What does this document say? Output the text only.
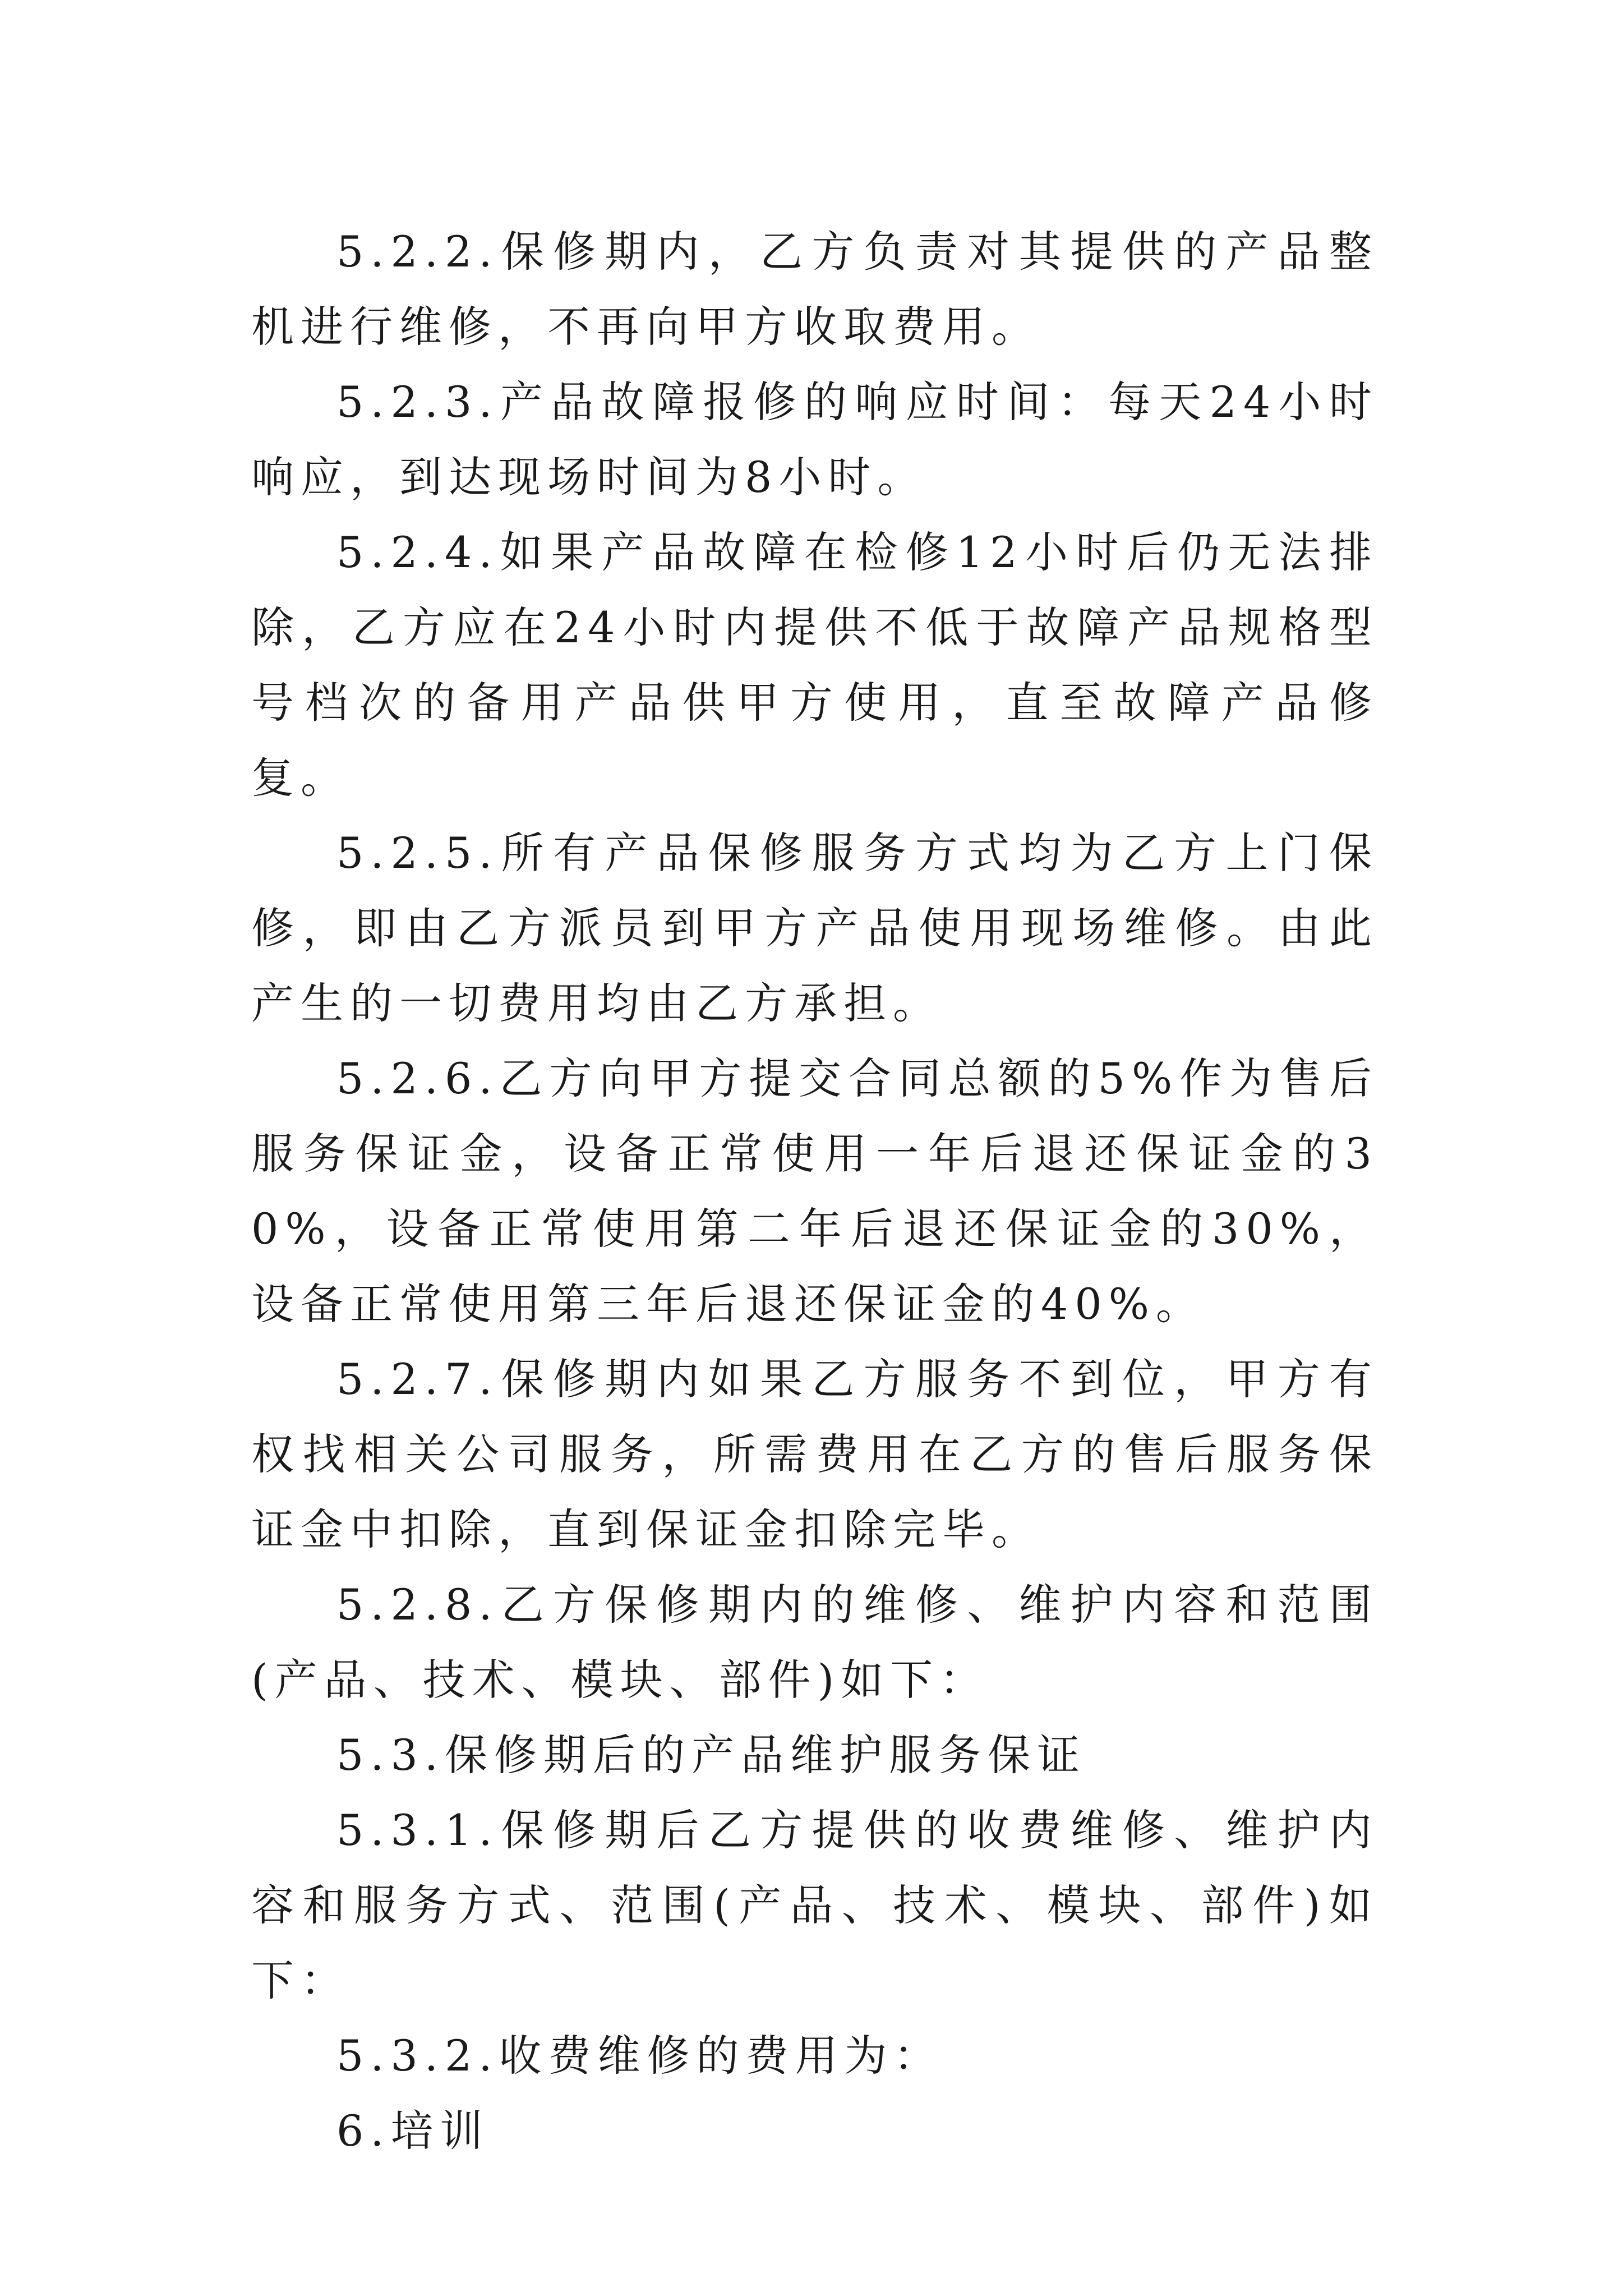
5.2.2.保修期内，乙方负责对其提供的产品整机进行维修，不再向甲方收取费用。

5.2.3.产品故障报修的响应时间：每天24小时响应，到达现场时间为8小时。

5.2.4.如果产品故障在检修12小时后仍无法排除，乙方应在24小时内提供不低于故障产品规格型号档次的备用产品供甲方使用，直至故障产品修复。

5.2.5.所有产品保修服务方式均为乙方上门保修，即由乙方派员到甲方产品使用现场维修。由此产生的一切费用均由乙方承担。

5.2.6.乙方向甲方提交合同总额的5%作为售后服务保证金，设备正常使用一年后退还保证金的30%，设备正常使用第二年后退还保证金的30%，设备正常使用第三年后退还保证金的40%。

5.2.7.保修期内如果乙方服务不到位，甲方有权找相关公司服务，所需费用在乙方的售后服务保证金中扣除，直到保证金扣除完毕。

5.2.8.乙方保修期内的维修、维护内容和范围(产品、技术、模块、部件)如下：

5.3.保修期后的产品维护服务保证

5.3.1.保修期后乙方提供的收费维修、维护内容和服务方式、范围(产品、技术、模块、部件)如下：

5.3.2.收费维修的费用为：

6.培训
